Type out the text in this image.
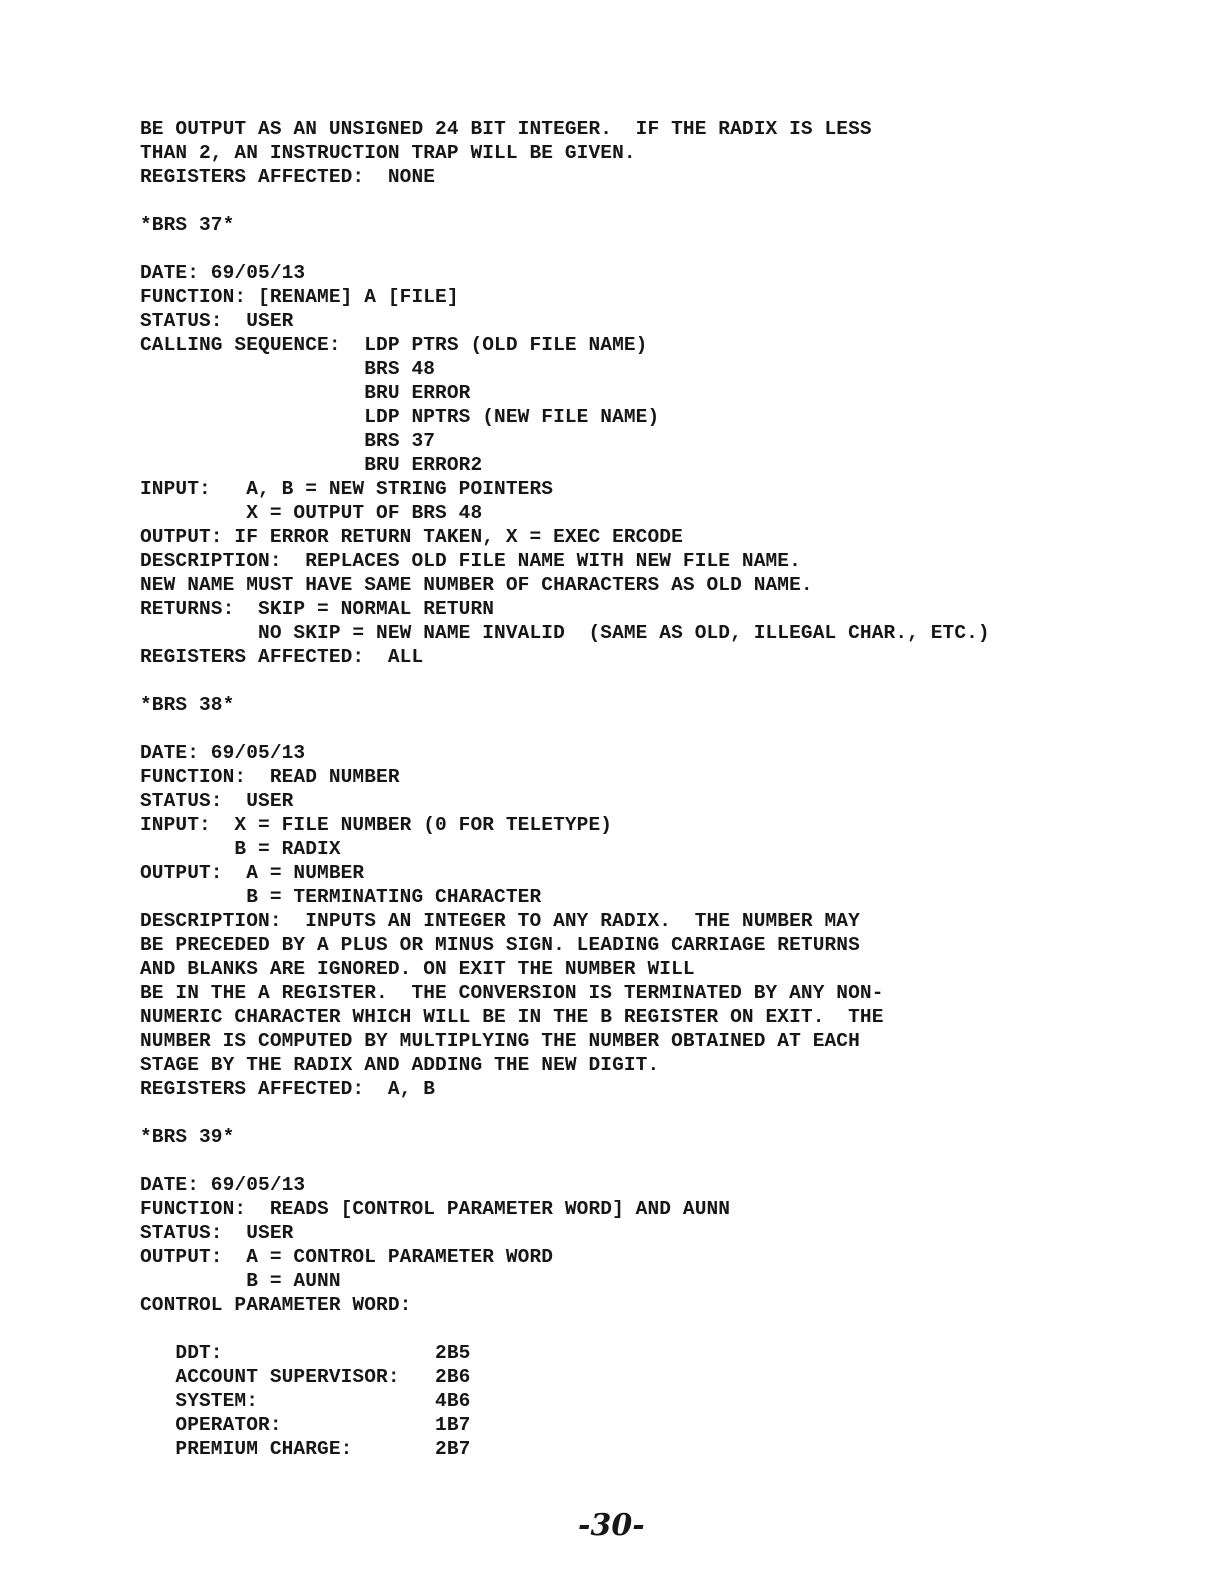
BE OUTPUT AS AN UNSIGNED 24 BIT INTEGER.  IF THE RADIX IS LESS
THAN 2, AN INSTRUCTION TRAP WILL BE GIVEN.
REGISTERS AFFECTED:  NONE
*BRS 37*
DATE: 69/05/13
FUNCTION: [RENAME] A [FILE]
STATUS:  USER
CALLING SEQUENCE:  LDP PTRS (OLD FILE NAME)
BRS 48
BRU ERROR
LDP NPTRS (NEW FILE NAME)
BRS 37
BRU ERROR2
INPUT:   A, B = NEW STRING POINTERS
X = OUTPUT OF BRS 48
OUTPUT: IF ERROR RETURN TAKEN, X = EXEC ERCODE
DESCRIPTION:  REPLACES OLD FILE NAME WITH NEW FILE NAME.
NEW NAME MUST HAVE SAME NUMBER OF CHARACTERS AS OLD NAME.
RETURNS:  SKIP = NORMAL RETURN
NO SKIP = NEW NAME INVALID  (SAME AS OLD, ILLEGAL CHAR., ETC.)
REGISTERS AFFECTED:  ALL
*BRS 38*
DATE: 69/05/13
FUNCTION:  READ NUMBER
STATUS:  USER
INPUT:  X = FILE NUMBER (0 FOR TELETYPE)
B = RADIX
OUTPUT:  A = NUMBER
B = TERMINATING CHARACTER
DESCRIPTION:  INPUTS AN INTEGER TO ANY RADIX.  THE NUMBER MAY
BE PRECEDED BY A PLUS OR MINUS SIGN. LEADING CARRIAGE RETURNS
AND BLANKS ARE IGNORED. ON EXIT THE NUMBER WILL
BE IN THE A REGISTER.  THE CONVERSION IS TERMINATED BY ANY NON-
NUMERIC CHARACTER WHICH WILL BE IN THE B REGISTER ON EXIT.  THE
NUMBER IS COMPUTED BY MULTIPLYING THE NUMBER OBTAINED AT EACH
STAGE BY THE RADIX AND ADDING THE NEW DIGIT.
REGISTERS AFFECTED:  A, B
*BRS 39*
DATE: 69/05/13
FUNCTION:  READS [CONTROL PARAMETER WORD] AND AUNN
STATUS:  USER
OUTPUT:  A = CONTROL PARAMETER WORD
B = AUNN
CONTROL PARAMETER WORD:
DDT:                  2B5
ACCOUNT SUPERVISOR:   2B6
SYSTEM:               4B6
OPERATOR:             1B7
PREMIUM CHARGE:       2B7
-30-
